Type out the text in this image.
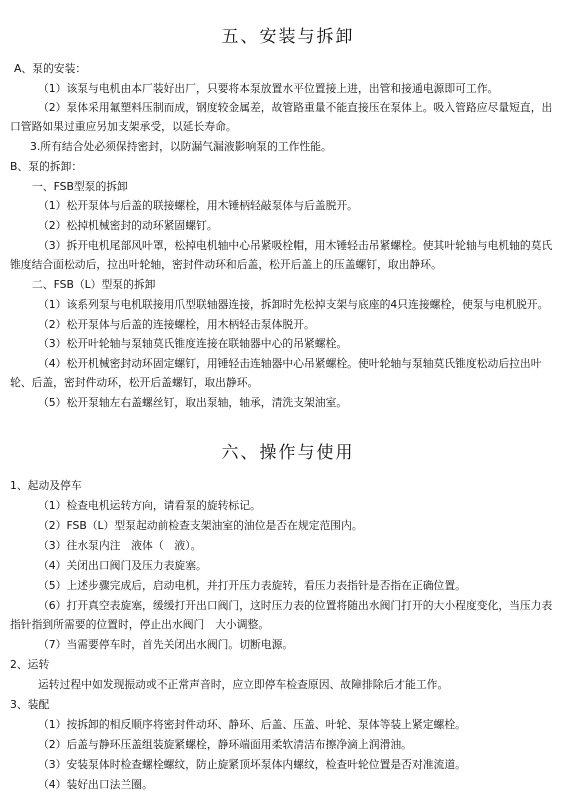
五、安装与拆卸

A、泵的安装：

（1）该泵与电机由本厂装好出厂，只要将本泵放置水平位置接上进，出管和接通电源即可工作。

（2）泵体采用氟塑料压制而成，钢度较金属差，故管路重量不能直接压在泵体上。吸入管路应尽量短直，出口管路如果过重应另加支架承受，以延长寿命。

3.所有结合处必须保持密封，以防漏气漏液影响泵的工作性能。

B、泵的拆卸：

一、FSB型泵的拆卸

（1）松开泵体与后盖的联接螺栓，用木锤柄轻敲泵体与后盖脱开。

（2）松掉机械密封的动环紧固螺钉。

（3）拆开电机尾部风叶罩，松掉电机轴中心吊紧吸栓帽，用木锤轻击吊紧螺栓。使其叶轮轴与电机轴的莫氏锥度结合面松动后，拉出叶轮轴，密封件动环和后盖，松开后盖上的压盖螺钉，取出静环。

二、FSB（L）型泵的拆卸

（1）该系列泵与电机联接用爪型联轴器连接，拆卸时先松掉支架与底座的4只连接螺栓，使泵与电机脱开。

（2）松开泵体与后盖的连接螺栓，用木柄轻击泵体脱开。

（3）松开叶轮轴与泵轴莫氏锥度连接在联轴器中心的吊紧螺栓。

（4）松开机械密封动环固定螺钉，用锤轻击连轴器中心吊紧螺栓。使叶轮轴与泵轴莫氏锥度松动后拉出叶轮、后盖，密封件动环，松开后盖螺钉，取出静环。

（5）松开泵轴左右盖螺丝钉，取出泵轴，轴承，清洗支架油室。

六、操作与使用

1、起动及停车

（1）检查电机运转方向，请看泵的旋转标记。

（2）FSB（L）型泵起动前检查支架油室的油位是否在规定范围内。

（3）往水泵内注　液体（　液）。

（4）关闭出口阀门及压力表旋塞。

（5）上述步骤完成后，启动电机，并打开压力表旋转，看压力表指针是否指在正确位置。

（6）打开真空表旋塞，缓缓打开出口阀门，这时压力表的位置将随出水阀门打开的大小程度变化，当压力表指针指到所需要的位置时，停止出水阀门　大小调整。

（7）当需要停车时，首先关闭出水阀门。切断电源。

2、运转

运转过程中如发现振动或不正常声音时，应立即停车检查原因、故障排除后才能工作。

3、装配

（1）按拆卸的相反顺序将密封件动环、静环、后盖、压盖、叶轮、泵体等装上紧定螺栓。

（2）后盖与静环压盖组装旋紧螺栓，静环端面用柔软清洁布擦净滴上润滑油。

（3）安装泵体时检查螺栓螺纹，防止旋紧顶坏泵体内螺纹，检查叶轮位置是否对准流道。

（4）装好出口法兰圈。
